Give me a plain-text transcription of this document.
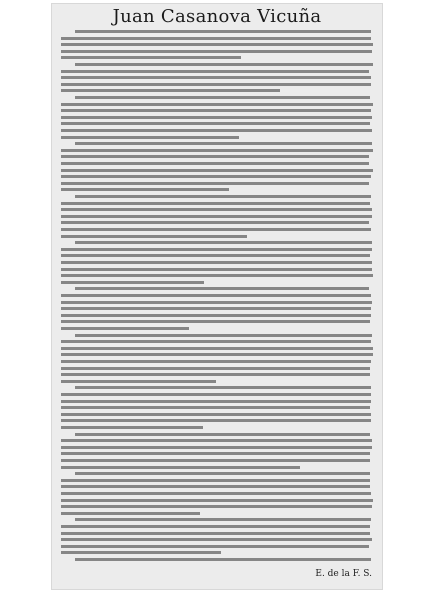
Juan Casanova Vicuña
E. de la F. S.
